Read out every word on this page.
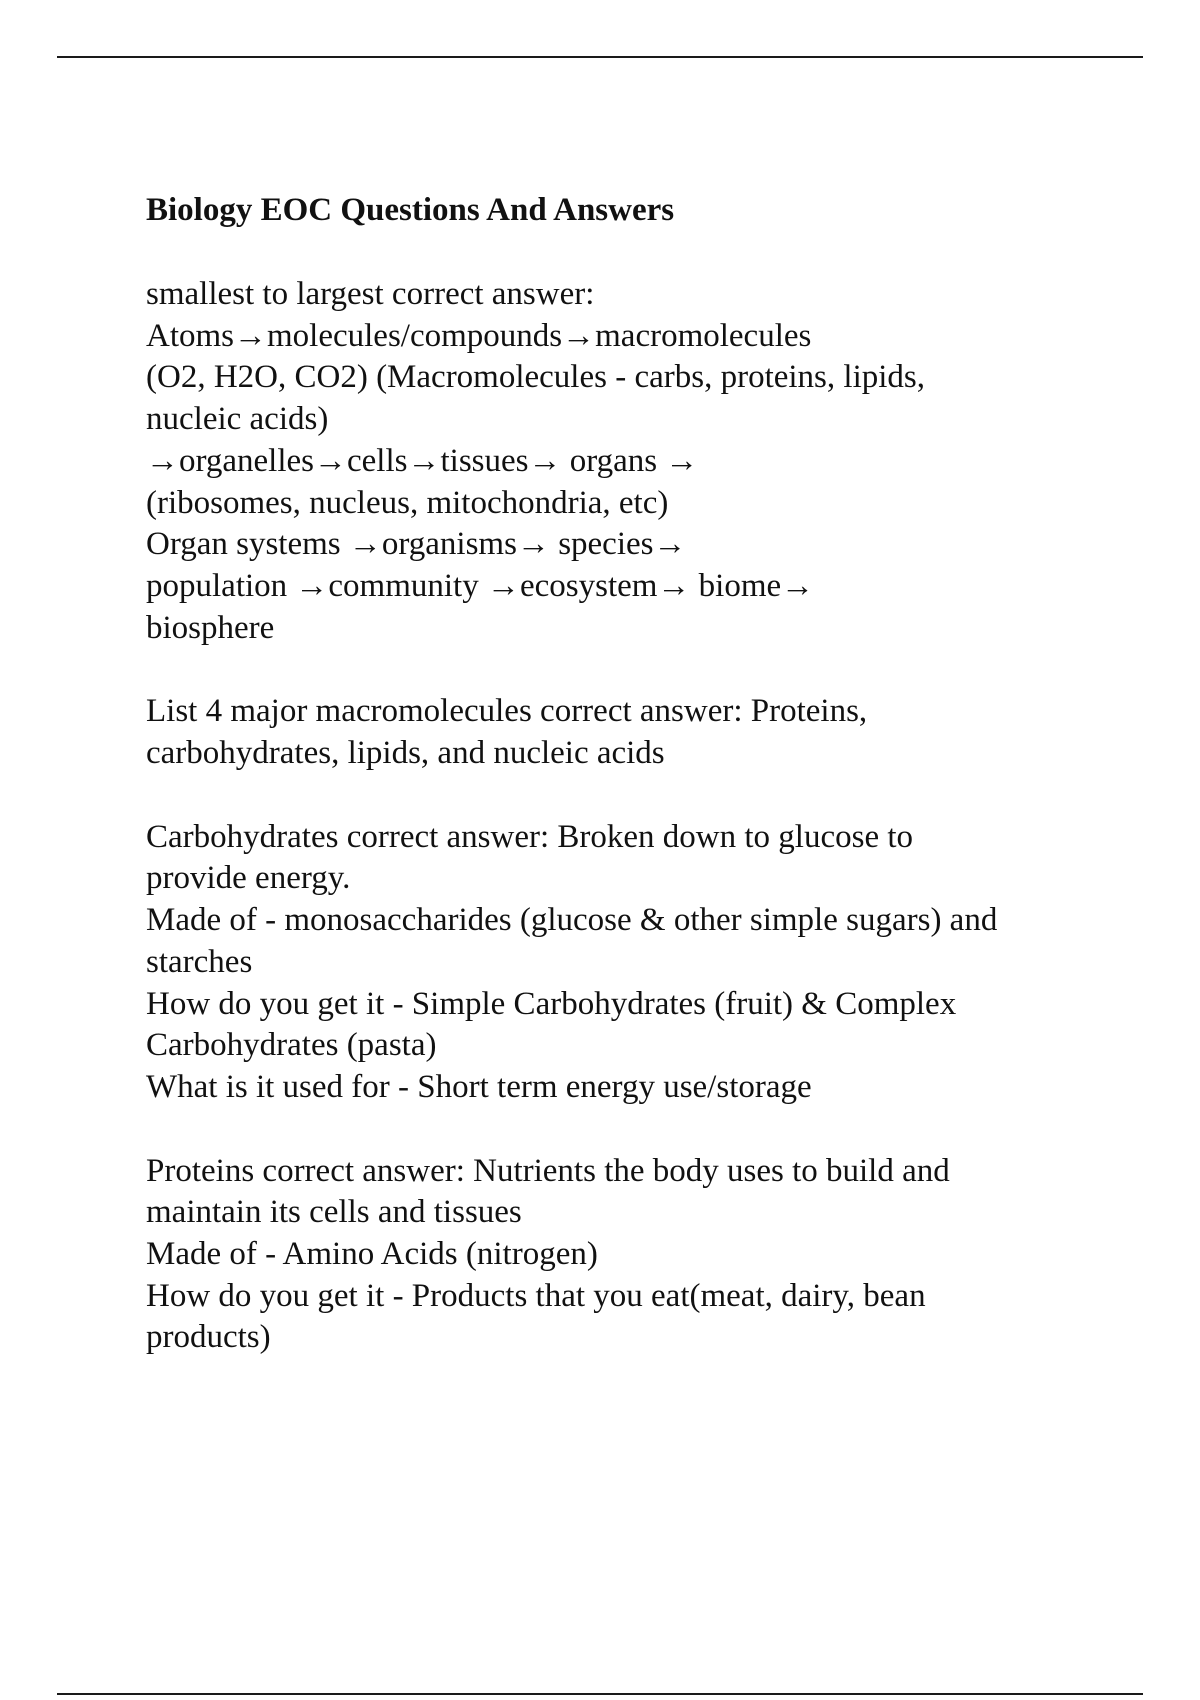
Biology EOC Questions And Answers
smallest to largest correct answer:
Atoms→molecules/compounds→macromolecules
(O2, H2O, CO2) (Macromolecules - carbs, proteins, lipids,
nucleic acids)
→organelles→cells→tissues→ organs →
(ribosomes, nucleus, mitochondria, etc)
Organ systems →organisms→ species→
population →community →ecosystem→ biome→
biosphere
List 4 major macromolecules correct answer: Proteins,
carbohydrates, lipids, and nucleic acids
Carbohydrates correct answer: Broken down to glucose to
provide energy.
Made of - monosaccharides (glucose & other simple sugars) and
starches
How do you get it - Simple Carbohydrates (fruit) & Complex
Carbohydrates (pasta)
What is it used for - Short term energy use/storage
Proteins correct answer: Nutrients the body uses to build and
maintain its cells and tissues
Made of - Amino Acids (nitrogen)
How do you get it - Products that you eat(meat, dairy, bean
products)
